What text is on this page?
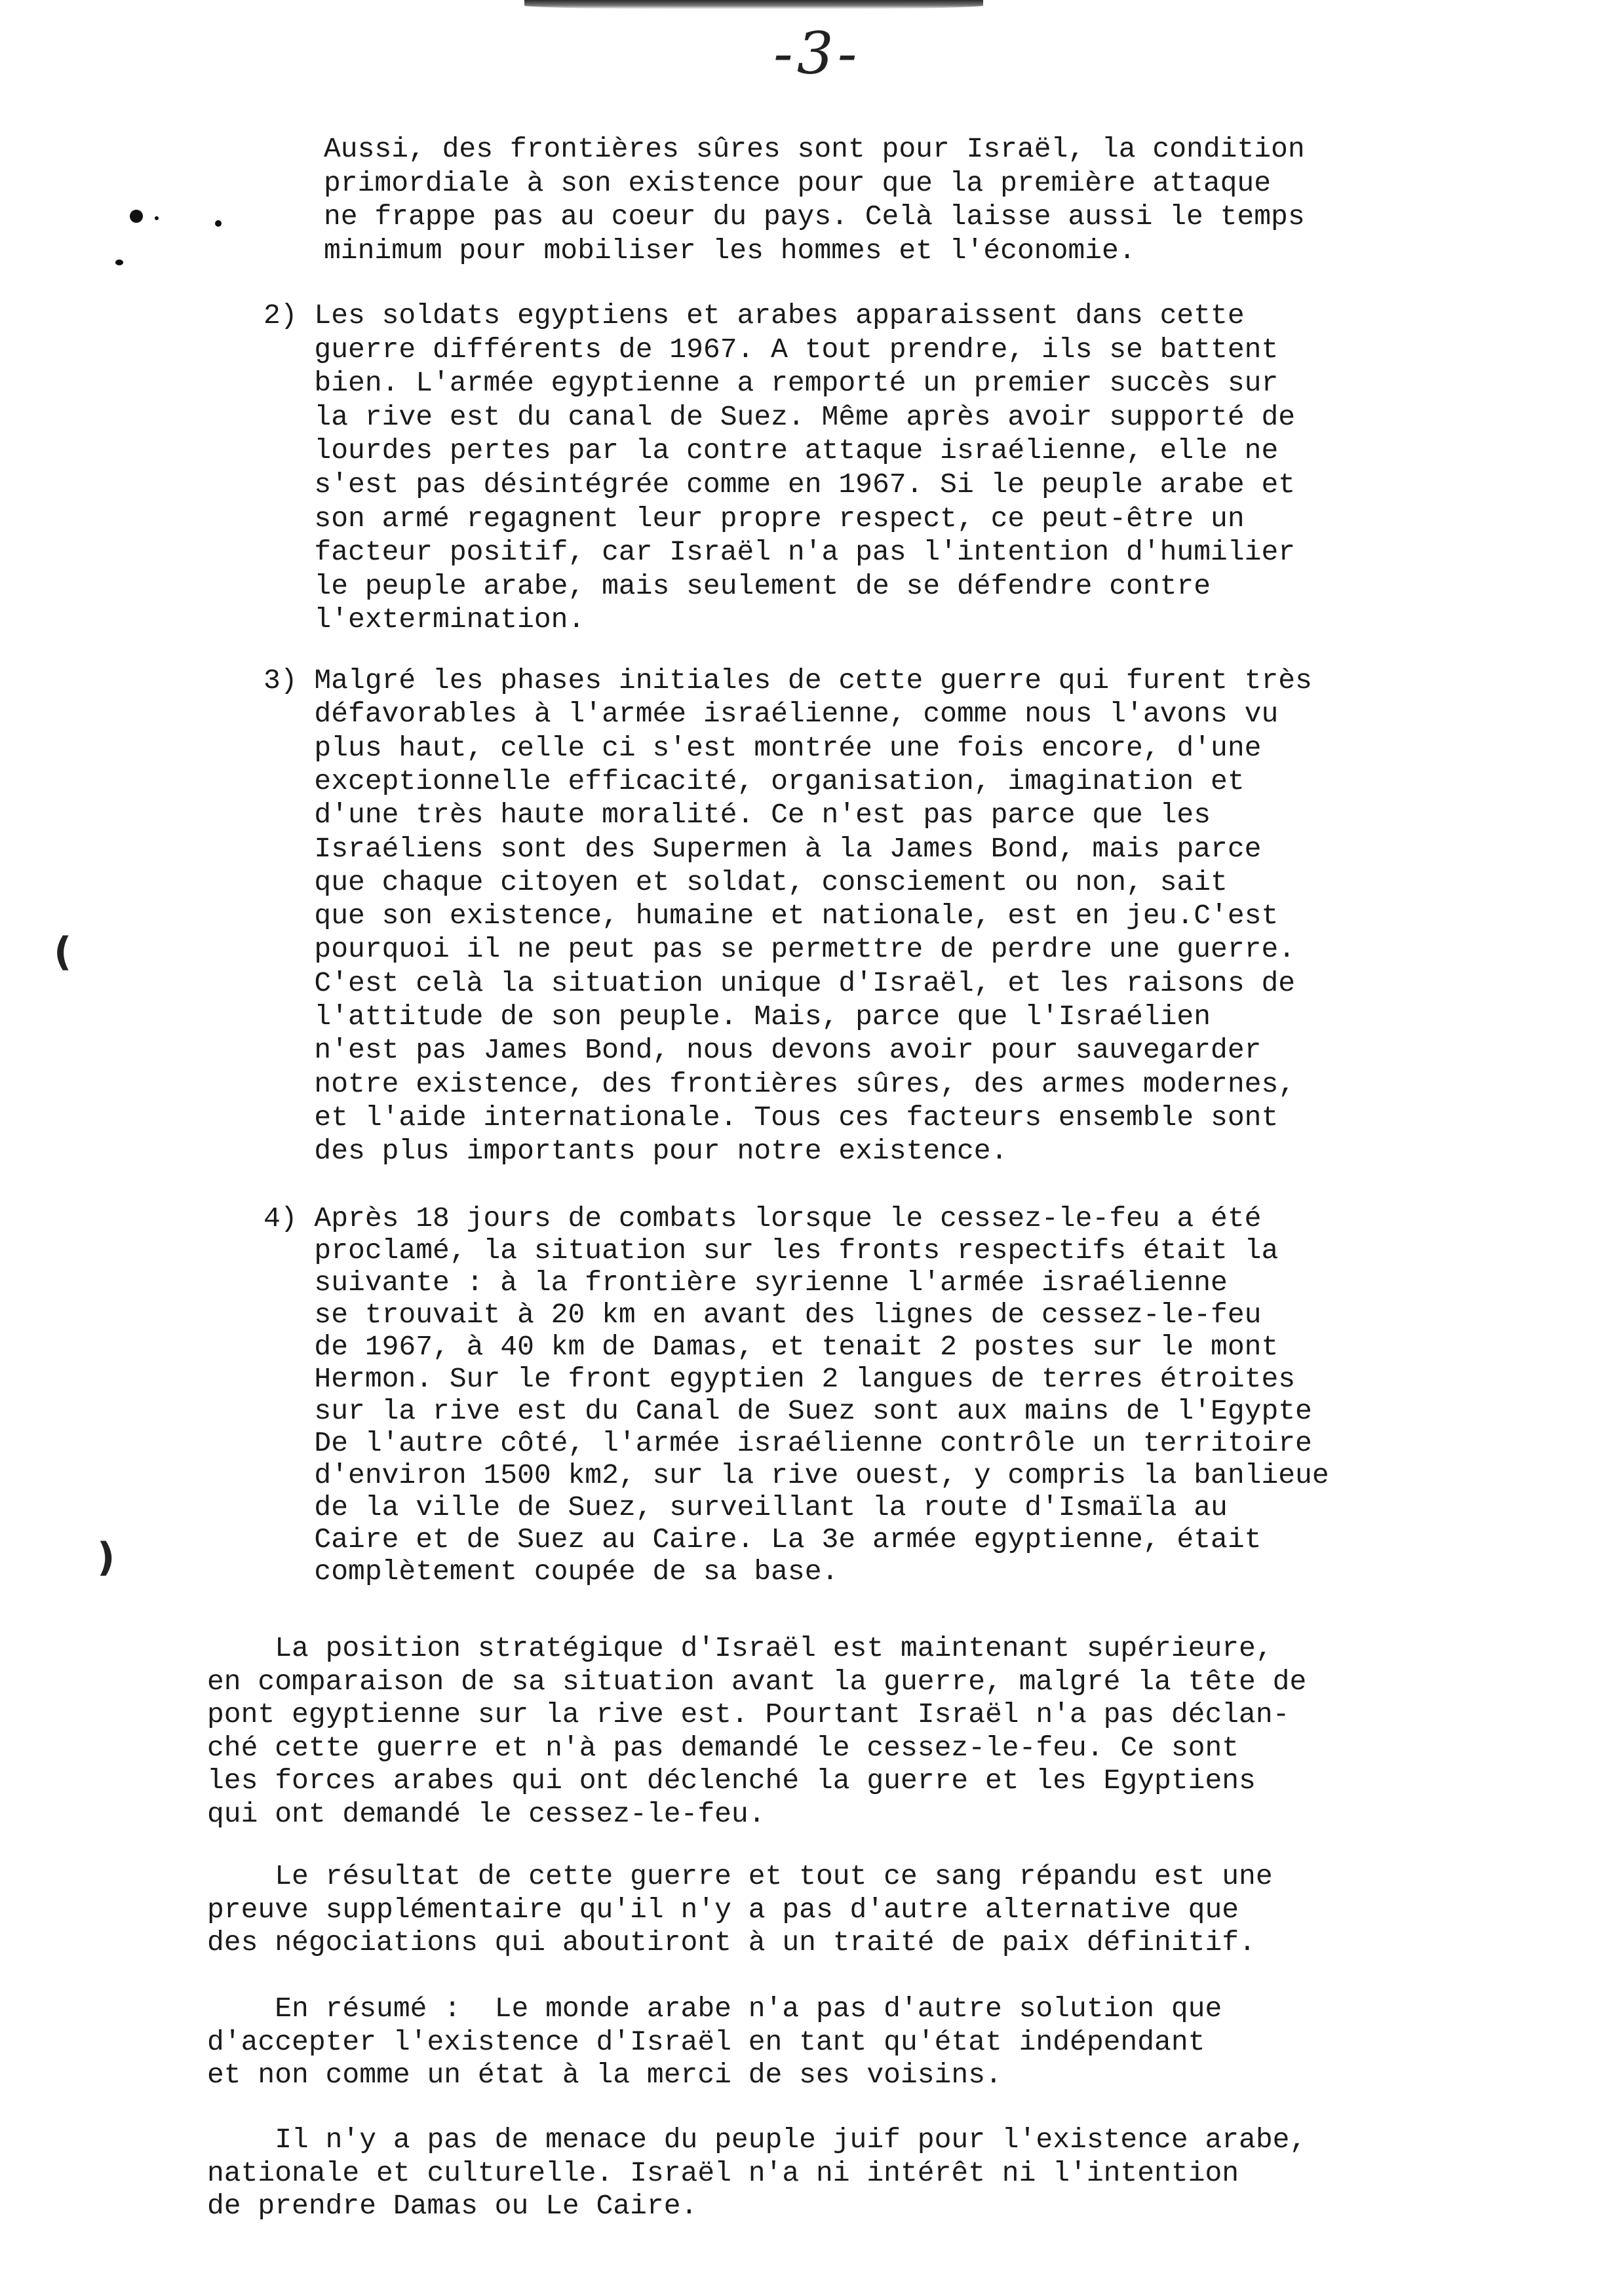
-3-
(
)
Aussi, des frontières sûres sont pour Israël, la condition
primordiale à son existence pour que la première attaque
ne frappe pas au coeur du pays. Celà laisse aussi le temps
minimum pour mobiliser les hommes et l'économie.
2) Les soldats egyptiens et arabes apparaissent dans cette
guerre différents de 1967. A tout prendre, ils se battent
bien. L'armée egyptienne a remporté un premier succès sur
la rive est du canal de Suez. Même après avoir supporté de
lourdes pertes par la contre attaque israélienne, elle ne
s'est pas désintégrée comme en 1967. Si le peuple arabe et
son armé regagnent leur propre respect, ce peut-être un
facteur positif, car Israël n'a pas l'intention d'humilier
le peuple arabe, mais seulement de se défendre contre
l'extermination.
3) Malgré les phases initiales de cette guerre qui furent très
défavorables à l'armée israélienne, comme nous l'avons vu
plus haut, celle ci s'est montrée une fois encore, d'une
exceptionnelle efficacité, organisation, imagination et
d'une très haute moralité. Ce n'est pas parce que les
Israéliens sont des Supermen à la James Bond, mais parce
que chaque citoyen et soldat, consciement ou non, sait
que son existence, humaine et nationale, est en jeu.C'est
pourquoi il ne peut pas se permettre de perdre une guerre.
C'est celà la situation unique d'Israël, et les raisons de
l'attitude de son peuple. Mais, parce que l'Israélien
n'est pas James Bond, nous devons avoir pour sauvegarder
notre existence, des frontières sûres, des armes modernes,
et l'aide internationale. Tous ces facteurs ensemble sont
des plus importants pour notre existence.
4) Après 18 jours de combats lorsque le cessez-le-feu a été
proclamé, la situation sur les fronts respectifs était la
suivante : à la frontière syrienne l'armée israélienne
se trouvait à 20 km en avant des lignes de cessez-le-feu
de 1967, à 40 km de Damas, et tenait 2 postes sur le mont
Hermon. Sur le front egyptien 2 langues de terres étroites
sur la rive est du Canal de Suez sont aux mains de l'Egypte
De l'autre côté, l'armée israélienne contrôle un territoire
d'environ 1500 km2, sur la rive ouest, y compris la banlieue
de la ville de Suez, surveillant la route d'Ismaïla au
Caire et de Suez au Caire. La 3e armée egyptienne, était
complètement coupée de sa base.
La position stratégique d'Israël est maintenant supérieure,
en comparaison de sa situation avant la guerre, malgré la tête de
pont egyptienne sur la rive est. Pourtant Israël n'a pas déclan-
ché cette guerre et n'à pas demandé le cessez-le-feu. Ce sont
les forces arabes qui ont déclenché la guerre et les Egyptiens
qui ont demandé le cessez-le-feu.
Le résultat de cette guerre et tout ce sang répandu est une
preuve supplémentaire qu'il n'y a pas d'autre alternative que
des négociations qui aboutiront à un traité de paix définitif.
En résumé :  Le monde arabe n'a pas d'autre solution que
d'accepter l'existence d'Israël en tant qu'état indépendant
et non comme un état à la merci de ses voisins.
Il n'y a pas de menace du peuple juif pour l'existence arabe,
nationale et culturelle. Israël n'a ni intérêt ni l'intention
de prendre Damas ou Le Caire.
